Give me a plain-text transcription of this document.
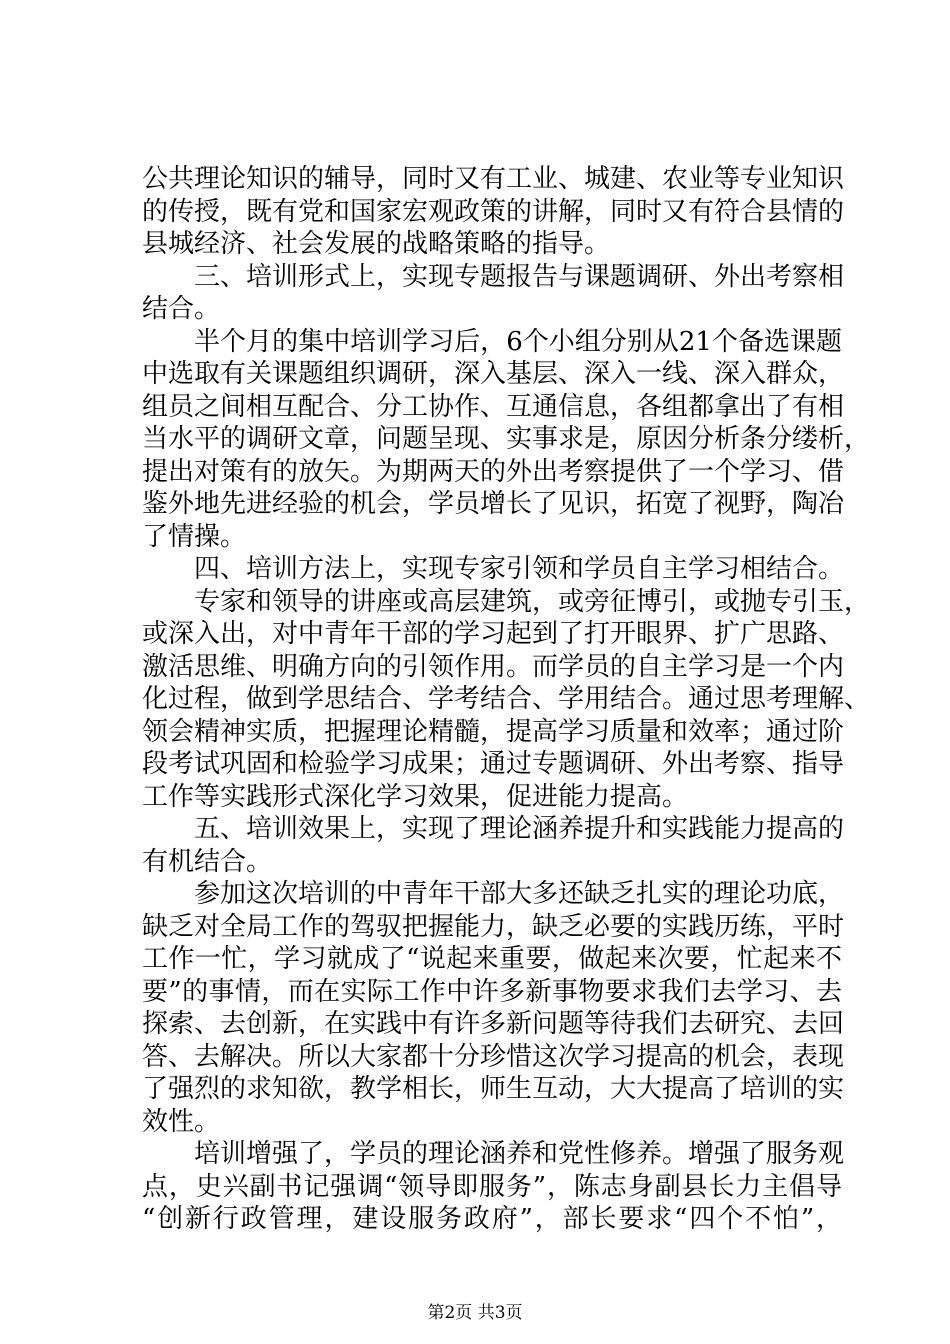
公共理论知识的辅导，同时又有工业、城建、农业等专业知识
的传授，既有党和国家宏观政策的讲解，同时又有符合县情的
县城经济、社会发展的战略策略的指导。
　　三、培训形式上，实现专题报告与课题调研、外出考察相
结合。
　　半个月的集中培训学习后，6个小组分别从21个备选课题
中选取有关课题组织调研，深入基层、深入一线、深入群众，
组员之间相互配合、分工协作、互通信息，各组都拿出了有相
当水平的调研文章，问题呈现、实事求是，原因分析条分缕析，
提出对策有的放矢。为期两天的外出考察提供了一个学习、借
鉴外地先进经验的机会，学员增长了见识，拓宽了视野，陶冶
了情操。
　　四、培训方法上，实现专家引领和学员自主学习相结合。
　　专家和领导的讲座或高层建筑，或旁征博引，或抛专引玉，
或深入出，对中青年干部的学习起到了打开眼界、扩广思路、
激活思维、明确方向的引领作用。而学员的自主学习是一个内
化过程，做到学思结合、学考结合、学用结合。通过思考理解、
领会精神实质，把握理论精髓，提高学习质量和效率；通过阶
段考试巩固和检验学习成果；通过专题调研、外出考察、指导
工作等实践形式深化学习效果，促进能力提高。
　　五、培训效果上，实现了理论涵养提升和实践能力提高的
有机结合。
　　参加这次培训的中青年干部大多还缺乏扎实的理论功底，
缺乏对全局工作的驾驭把握能力，缺乏必要的实践历练，平时
工作一忙，学习就成了“说起来重要，做起来次要，忙起来不
要”的事情，而在实际工作中许多新事物要求我们去学习、去
探索、去创新，在实践中有许多新问题等待我们去研究、去回
答、去解决。所以大家都十分珍惜这次学习提高的机会，表现
了强烈的求知欲，教学相长，师生互动，大大提高了培训的实
效性。
　　培训增强了，学员的理论涵养和党性修养。增强了服务观
点，史兴副书记强调“领导即服务”，陈志身副县长力主倡导
“创新行政管理，建设服务政府”，部长要求“四个不怕”，
第2页 共3页
